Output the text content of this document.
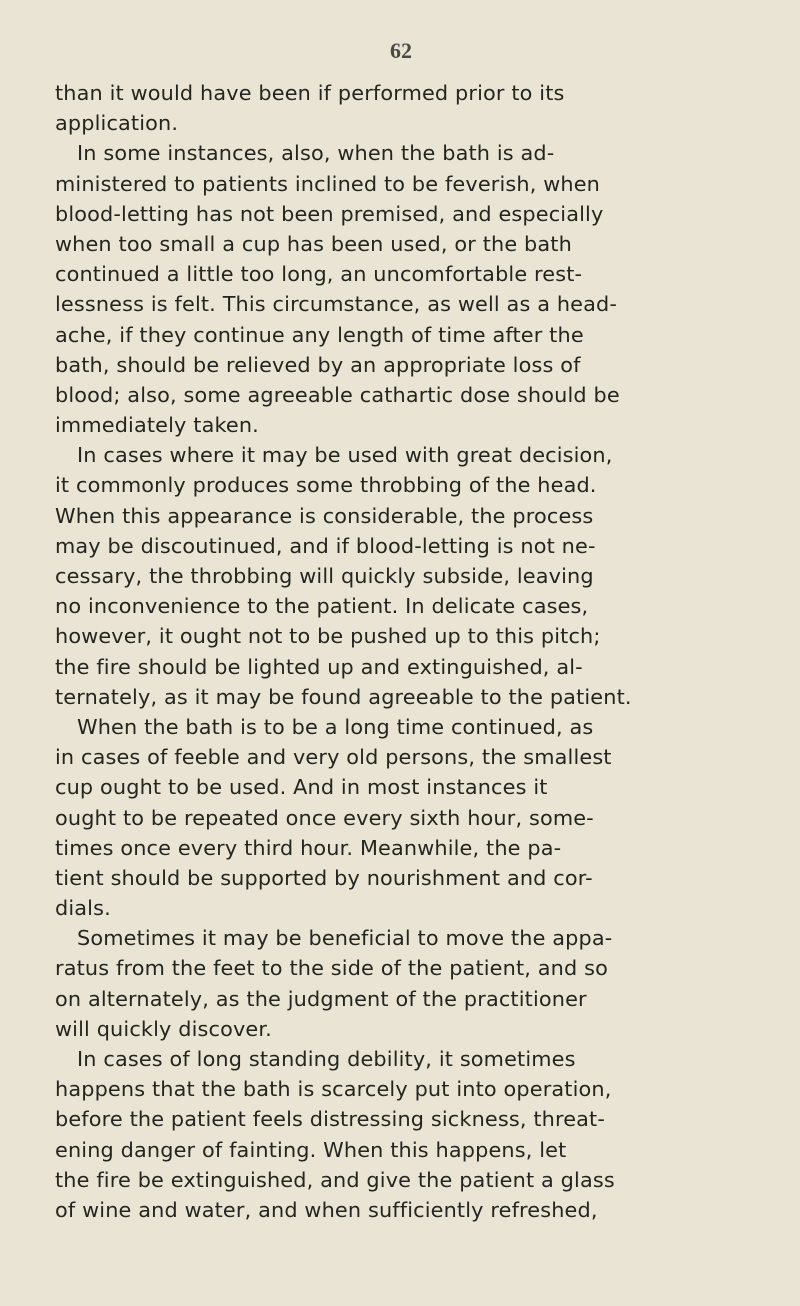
62
than it would have been if performed prior to its
application.
In some instances, also, when the bath is ad-
ministered to patients inclined to be feverish, when
blood-letting has not been premised, and especially
when too small a cup has been used, or the bath
continued a little too long, an uncomfortable rest-
lessness is felt. This circumstance, as well as a head-
ache, if they continue any length of time after the
bath, should be relieved by an appropriate loss of
blood; also, some agreeable cathartic dose should be
immediately taken.
In cases where it may be used with great decision,
it commonly produces some throbbing of the head.
When this appearance is considerable, the process
may be discoutinued, and if blood-letting is not ne-
cessary, the throbbing will quickly subside, leaving
no inconvenience to the patient. In delicate cases,
however, it ought not to be pushed up to this pitch;
the fire should be lighted up and extinguished, al-
ternately, as it may be found agreeable to the patient.
When the bath is to be a long time continued, as
in cases of feeble and very old persons, the smallest
cup ought to be used. And in most instances it
ought to be repeated once every sixth hour, some-
times once every third hour. Meanwhile, the pa-
tient should be supported by nourishment and cor-
dials.
Sometimes it may be beneficial to move the appa-
ratus from the feet to the side of the patient, and so
on alternately, as the judgment of the practitioner
will quickly discover.
In cases of long standing debility, it sometimes
happens that the bath is scarcely put into operation,
before the patient feels distressing sickness, threat-
ening danger of fainting. When this happens, let
the fire be extinguished, and give the patient a glass
of wine and water, and when sufficiently refreshed,
